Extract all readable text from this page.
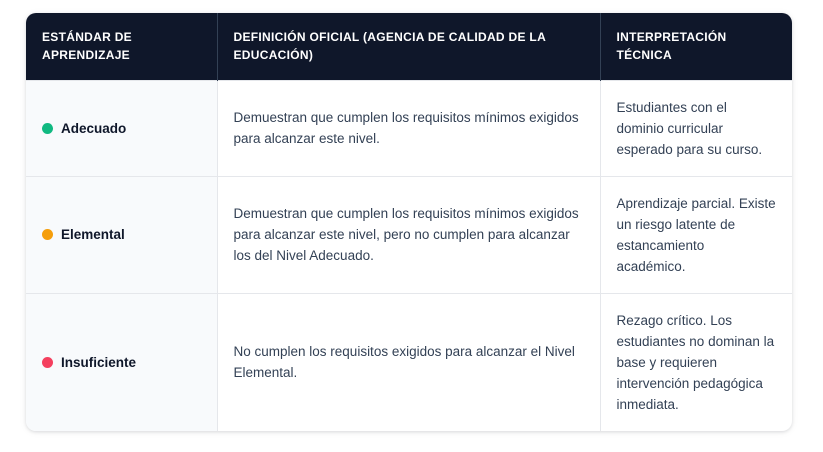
ESTÁNDAR DE APRENDIZAJE	DEFINICIÓN OFICIAL (AGENCIA DE CALIDAD DE LA EDUCACIÓN)	INTERPRETACIÓN TÉCNICA

Adecuado	Demuestran que cumplen los requisitos mínimos exigidos para alcanzar este nivel.	Estudiantes con el dominio curricular esperado para su curso.

Elemental	Demuestran que cumplen los requisitos mínimos exigidos para alcanzar este nivel, pero no cumplen para alcanzar los del Nivel Adecuado.	Aprendizaje parcial. Existe un riesgo latente de estancamiento académico.

Insuficiente	No cumplen los requisitos exigidos para alcanzar el Nivel Elemental.	Rezago crítico. Los estudiantes no dominan la base y requieren intervención pedagógica inmediata.
